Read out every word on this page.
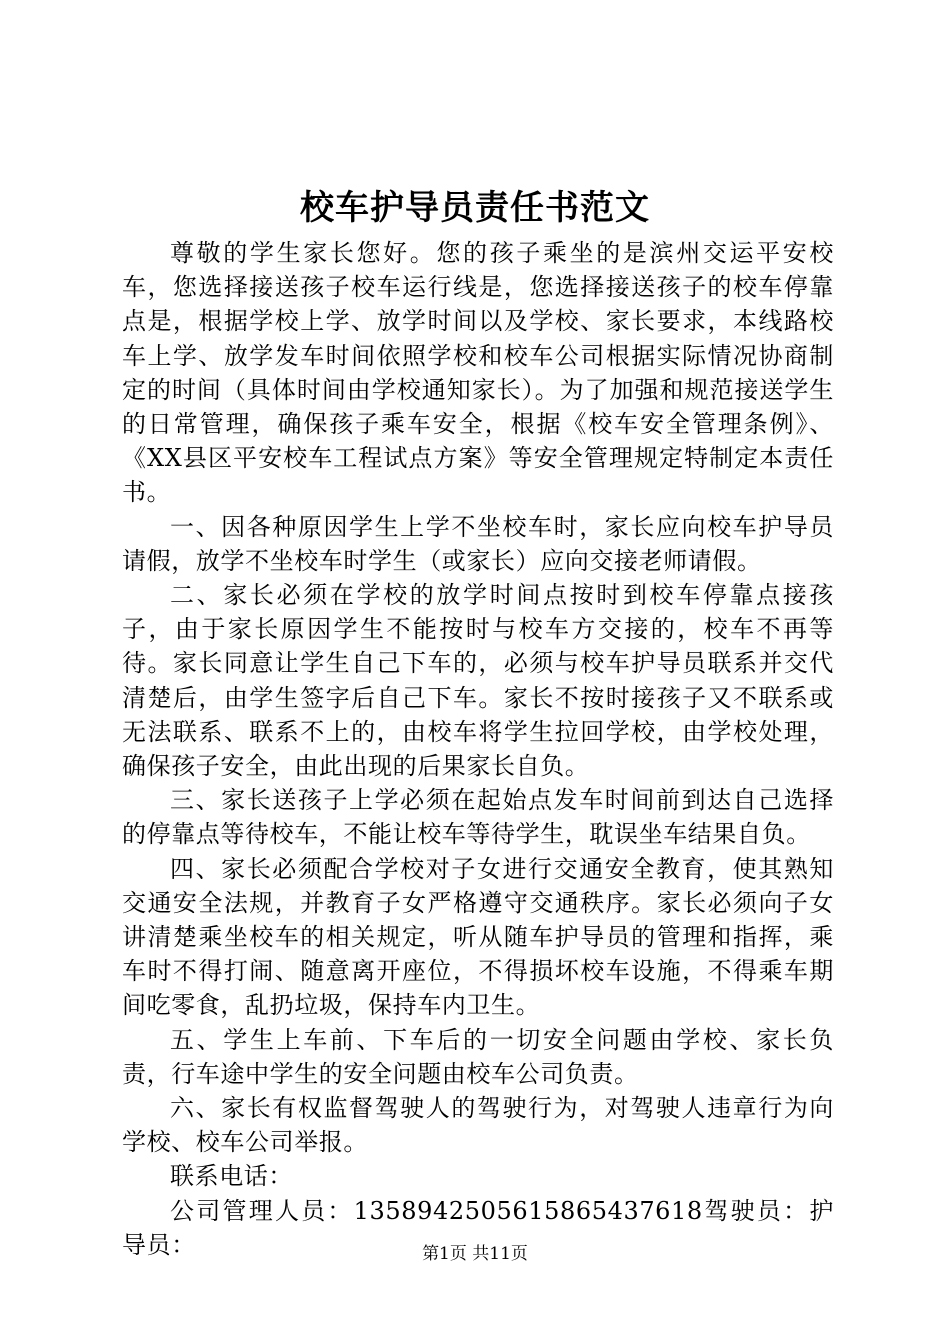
校车护导员责任书范文

尊敬的学生家长您好。您的孩子乘坐的是滨州交运平安校车，您选择接送孩子校车运行线是，您选择接送孩子的校车停靠点是，根据学校上学、放学时间以及学校、家长要求，本线路校车上学、放学发车时间依照学校和校车公司根据实际情况协商制定的时间（具体时间由学校通知家长）。为了加强和规范接送学生的日常管理，确保孩子乘车安全，根据《校车安全管理条例》、《XX县区平安校车工程试点方案》等安全管理规定特制定本责任书。

一、因各种原因学生上学不坐校车时，家长应向校车护导员请假，放学不坐校车时学生（或家长）应向交接老师请假。

二、家长必须在学校的放学时间点按时到校车停靠点接孩子，由于家长原因学生不能按时与校车方交接的，校车不再等待。家长同意让学生自己下车的，必须与校车护导员联系并交代清楚后，由学生签字后自己下车。家长不按时接孩子又不联系或无法联系、联系不上的，由校车将学生拉回学校，由学校处理，确保孩子安全，由此出现的后果家长自负。

三、家长送孩子上学必须在起始点发车时间前到达自己选择的停靠点等待校车，不能让校车等待学生，耽误坐车结果自负。

四、家长必须配合学校对子女进行交通安全教育，使其熟知交通安全法规，并教育子女严格遵守交通秩序。家长必须向子女讲清楚乘坐校车的相关规定，听从随车护导员的管理和指挥，乘车时不得打闹、随意离开座位，不得损坏校车设施，不得乘车期间吃零食，乱扔垃圾，保持车内卫生。

五、学生上车前、下车后的一切安全问题由学校、家长负责，行车途中学生的安全问题由校车公司负责。

六、家长有权监督驾驶人的驾驶行为，对驾驶人违章行为向学校、校车公司举报。

联系电话：

公司管理人员：13589425056158654376​18驾驶员：护导员：	第1页 共11页
